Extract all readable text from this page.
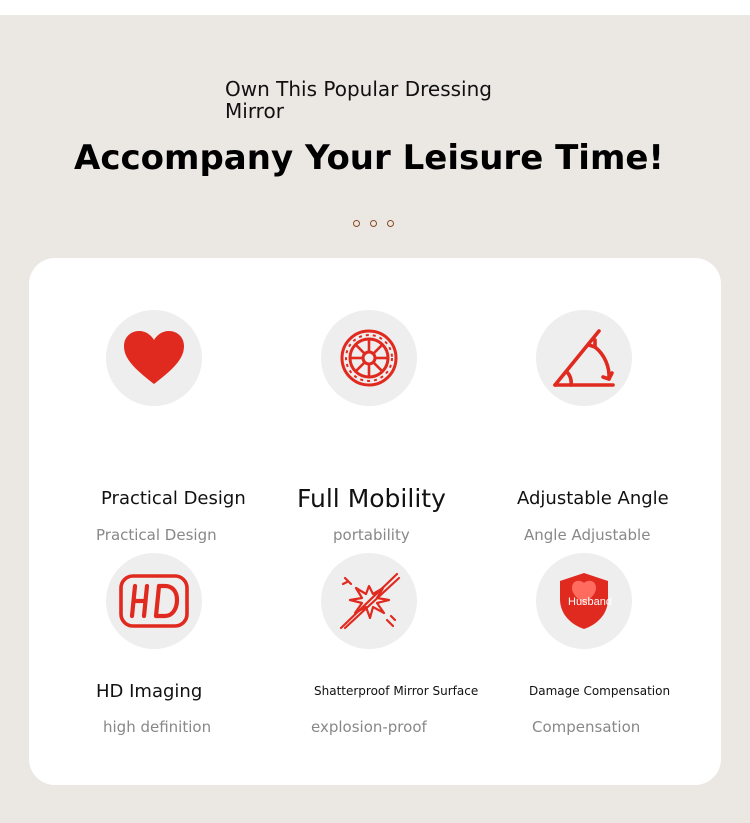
Own This Popular Dressing Mirror
Accompany Your Leisure Time!
Practical Design
Practical Design
Full Mobility
portability
Adjustable Angle
Angle Adjustable
HD Imaging
high definition
Shatterproof Mirror Surface
explosion-proof
Husband
Damage Compensation
Compensation
